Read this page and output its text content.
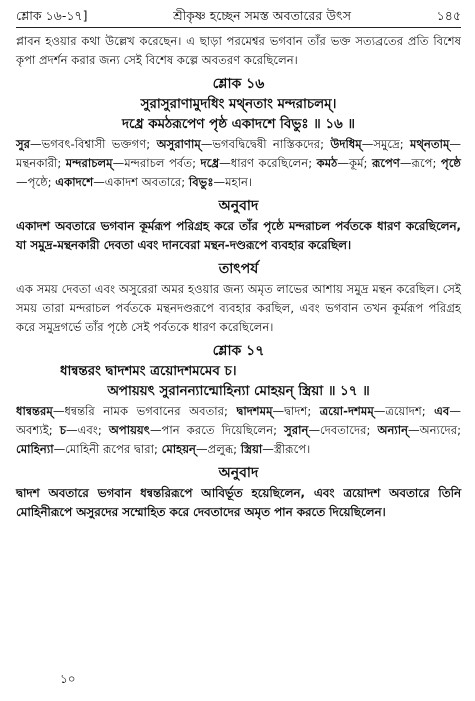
শ্লোক ১৬-১৭]	শ্রীকৃষ্ণ হচ্ছেন সমস্ত অবতারের উৎস	১৪৫

প্লাবন হওয়ার কথা উল্লেখ করেছেন। এ ছাড়া পরমেশ্বর ভগবান তাঁর ভক্ত সত্যব্রতের প্রতি বিশেষ কৃপা প্রদর্শন করার জন্য সেই বিশেষ কল্পে অবতরণ করেছিলেন।

শ্লোক ১৬
সুরাসুরাণামুদধিং মথ্নতাং মন্দরাচলম্‌।
দধ্রে কমঠরূপেণ পৃষ্ঠ একাদশে বিভুঃ ॥ ১৬ ॥

সুর—ভগবৎ-বিশ্বাসী ভক্তগণ; অসুরাণাম্‌—ভগবদ্বিদ্বেষী নাস্তিকদের; উদধিম্‌—সমুদ্রে; মথ্নতাম্‌—মন্থনকারী; মন্দরাচলম্‌—মন্দরাচল পর্বত; দধ্রে—ধারণ করেছিলেন; কমঠ—কূর্ম; রূপেণ—রূপে; পৃষ্ঠে—পৃষ্ঠে; একাদশে—একাদশ অবতারে; বিভুঃ—মহান।

অনুবাদ

একাদশ অবতারে ভগবান কূর্মরূপ পরিগ্রহ করে তাঁর পৃষ্ঠে মন্দরাচল পর্বতকে ধারণ করেছিলেন, যা সমুদ্র-মন্থনকারী দেবতা এবং দানবেরা মন্থন-দণ্ডরূপে ব্যবহার করেছিল।

তাৎপর্য

এক সময় দেবতা এবং অসুরেরা অমর হওয়ার জন্য অমৃত লাভের আশায় সমুদ্র মন্থন করেছিল। সেই সময় তারা মন্দরাচল পর্বতকে মন্থনদণ্ডরূপে ব্যবহার করছিল, এবং ভগবান তখন কূর্মরূপ পরিগ্রহ করে সমুদ্রগর্ভে তাঁর পৃষ্ঠে সেই পর্বতকে ধারণ করেছিলেন।

শ্লোক ১৭
ধান্বন্তরং দ্বাদশমং ত্রয়োদশমমেব চ।
অপায়য়ৎ সুরানন্যান্মোহিন্যা মোহয়ন্‌ স্ত্রিয়া ॥ ১৭ ॥

ধান্বন্তরম্‌—ধন্বন্তরি নামক ভগবানের অবতার; দ্বাদশমম্‌—দ্বাদশ; ত্রয়ো-দশমম্‌—ত্রয়োদশ; এব—অবশ্যই; চ—এবং; অপায়য়ৎ—পান করতে দিয়েছিলেন; সুরান্‌—দেবতাদের; অন্যান্‌—অন্যদের; মোহিন্যা—মোহিনী রূপের দ্বারা; মোহয়ন্‌—প্রলুব্ধ; স্ত্রিয়া—স্ত্রীরূপে।

অনুবাদ

দ্বাদশ অবতারে ভগবান ধন্বন্তরিরূপে আবির্ভূত হয়েছিলেন, এবং ত্রয়োদশ অবতারে তিনি মোহিনীরূপে অসুরদের সম্মোহিত করে দেবতাদের অমৃত পান করতে দিয়েছিলেন।

১০
